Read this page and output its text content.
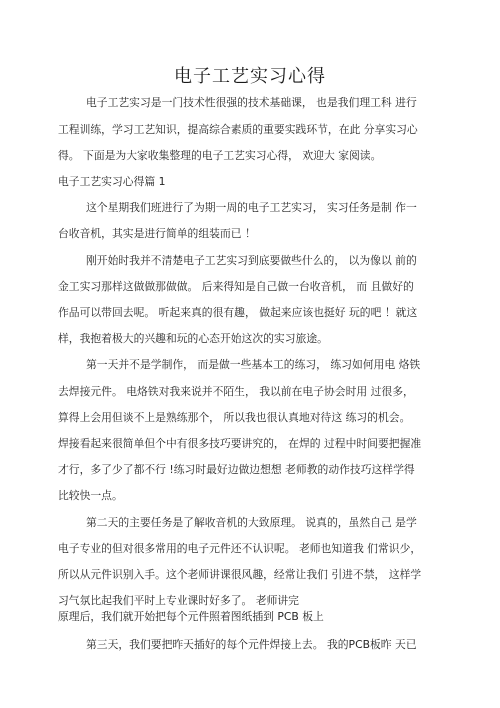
电子工艺实习心得
电子工艺实习是一门技术性很强的技术基础课， 也是我们理工科 进行
工程训练，学习工艺知识，提高综合素质的重要实践环节，在此 分享实习心
得。 下面是为大家收集整理的电子工艺实习心得， 欢迎大 家阅读。
电子工艺实习心得篇 1
这个星期我们班进行了为期一周的电子工艺实习， 实习任务是制 作一
台收音机，其实是进行简单的组装而已 ！
刚开始时我并不清楚电子工艺实习到底要做些什么的， 以为像以 前的
金工实习那样这做做那做做。 后来得知是自己做一台收音机， 而 且做好的
作品可以带回去呢。 听起来真的很有趣， 做起来应该也挺好 玩的吧 ！就这
样，我抱着极大的兴趣和玩的心态开始这次的实习旅途。
第一天并不是学制作， 而是做一些基本工的练习， 练习如何用电 烙铁
去焊接元件。 电烙铁对我来说并不陌生， 我以前在电子协会时用 过很多，
算得上会用但谈不上是熟练那个， 所以我也很认真地对待这 练习的机会。
焊接看起来很简单但个中有很多技巧要讲究的， 在焊的 过程中时间要把握准
才行，多了少了都不行 !练习时最好边做边想想 老师教的动作技巧这样学得
比较快一点。
第二天的主要任务是了解收音机的大致原理。 说真的，虽然自己 是学
电子专业的但对很多常用的电子元件还不认识呢。 老师也知道我 们常识少，
所以从元件识别入手。这个老师讲课很风趣，经常让我们 引进不禁， 这样学
习气氛比起我们平时上专业课时好多了。 老师讲完
原理后，我们就开始把每个元件照着图纸插到 PCB 板上
第三天，我们要把昨天插好的每个元件焊接上去。 我的PCB板昨 天已
